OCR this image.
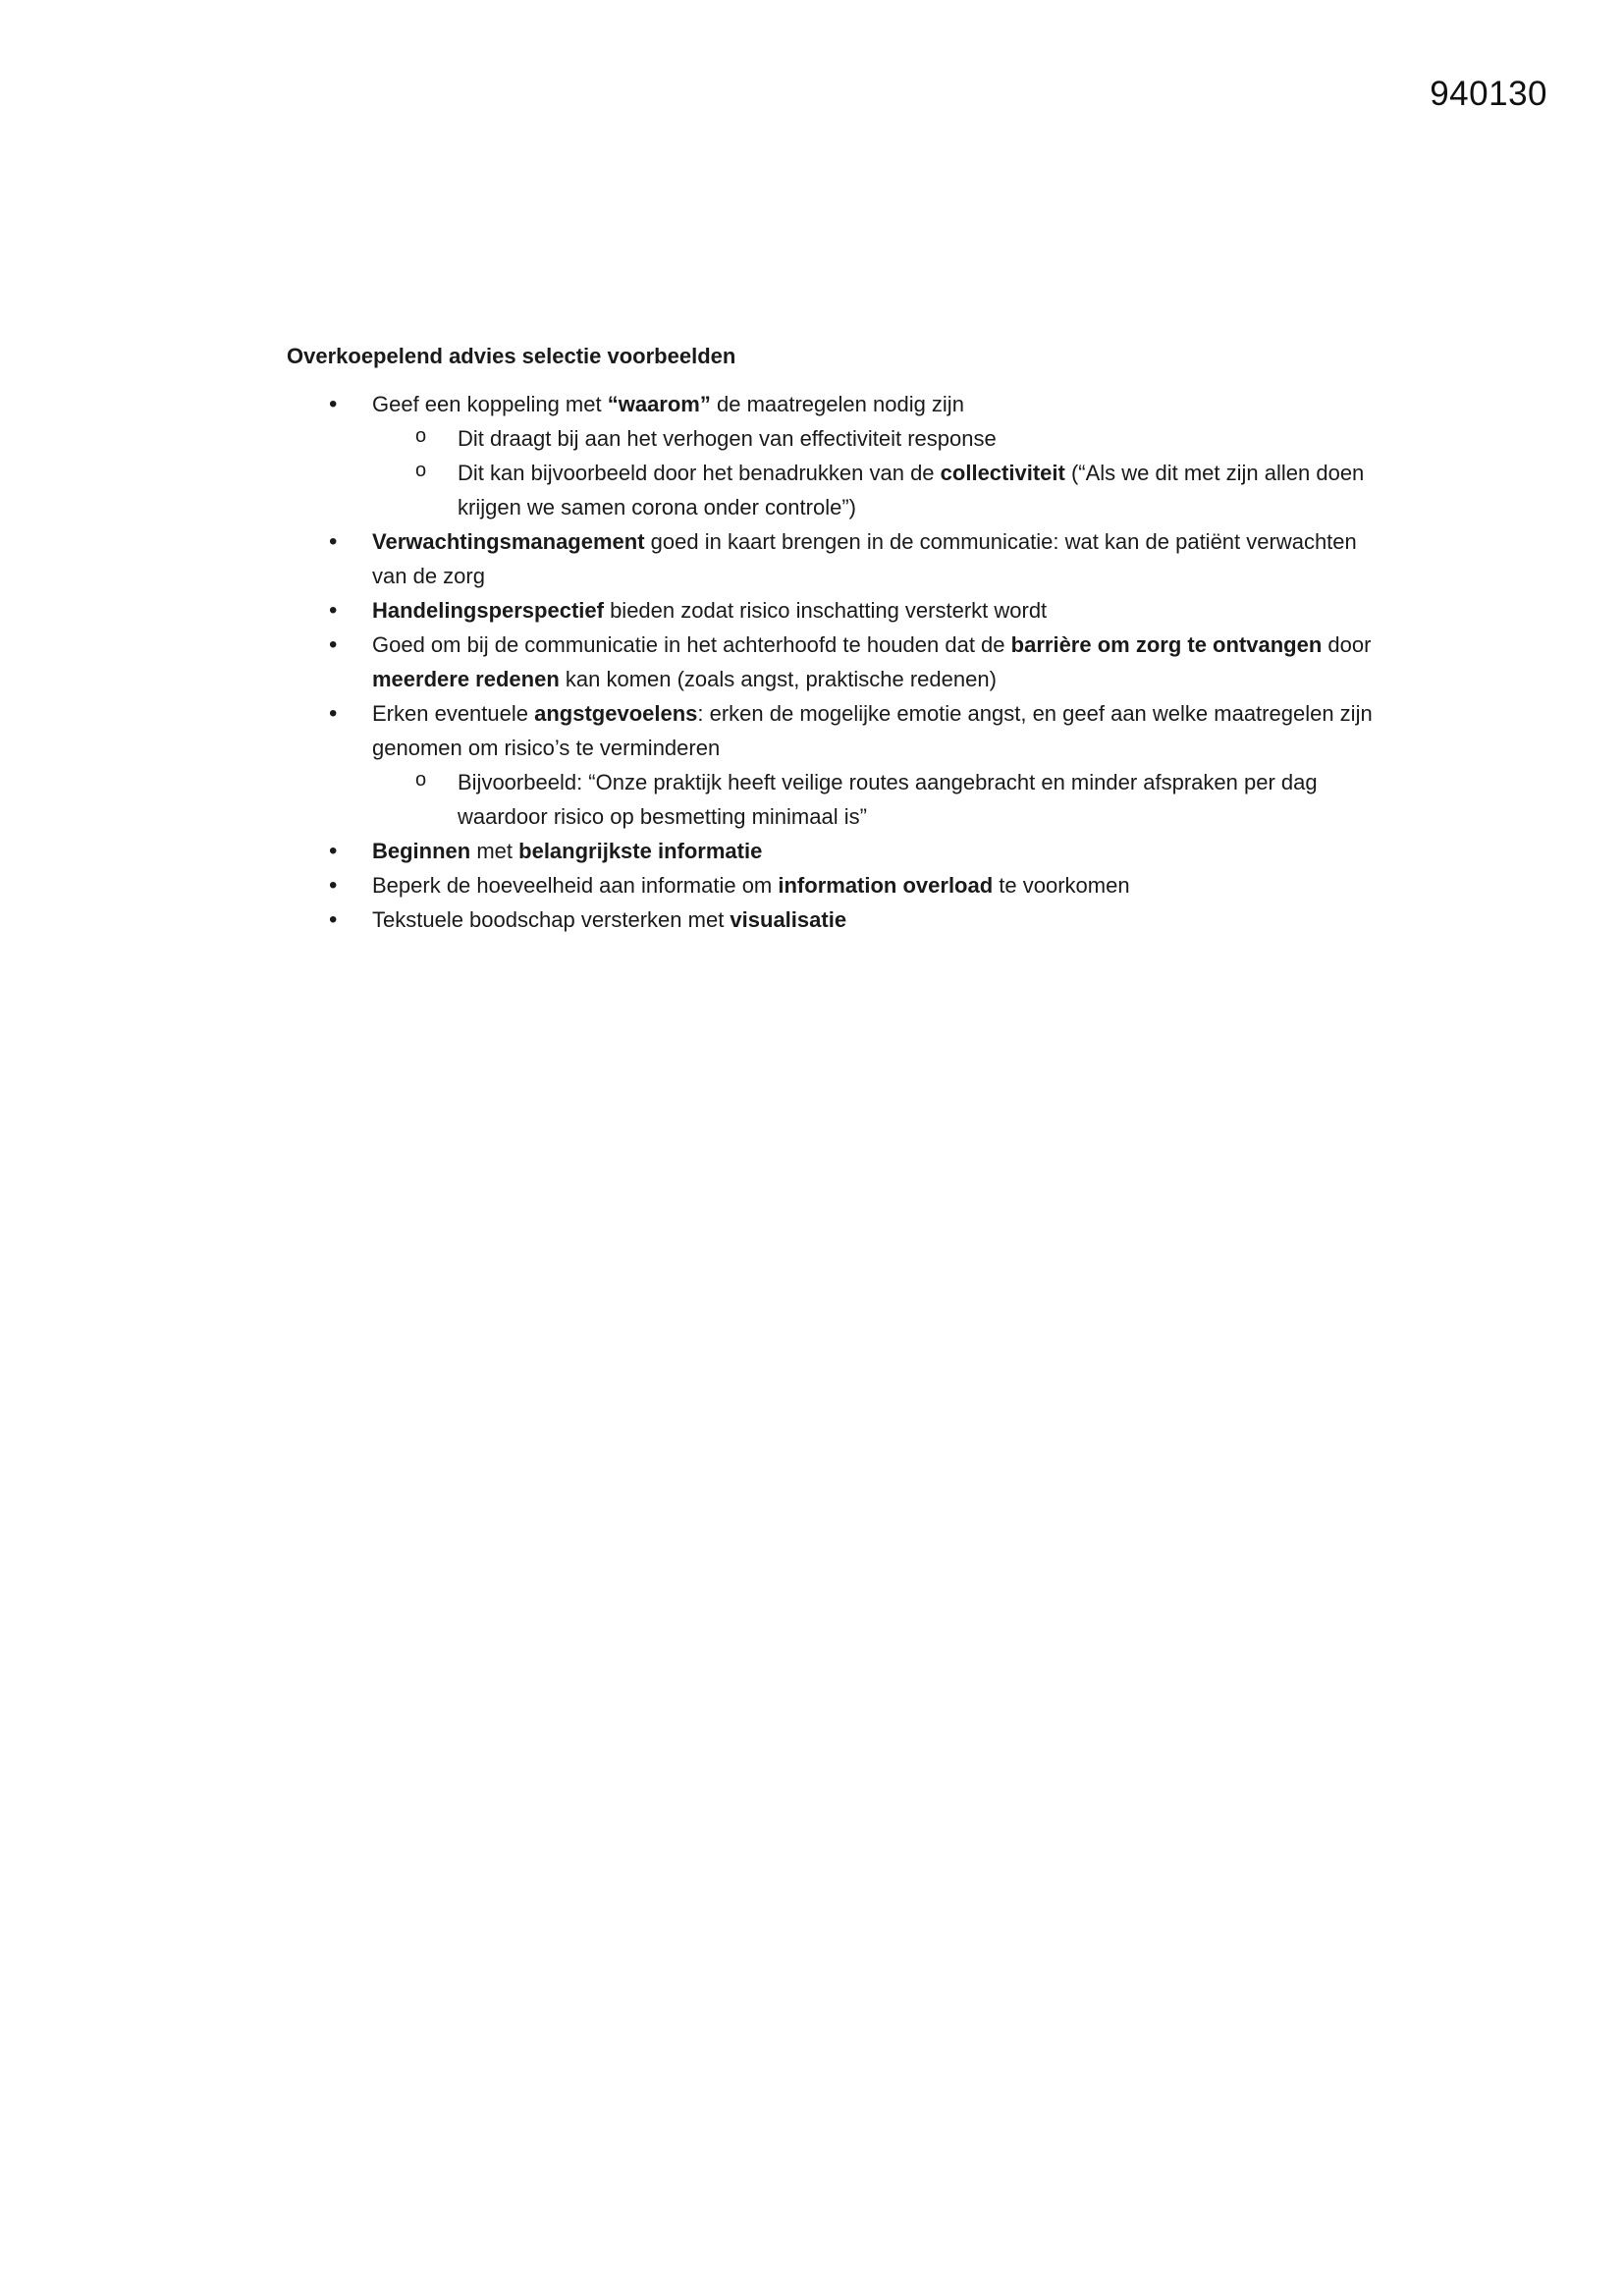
940130
Overkoepelend advies selectie voorbeelden
• Geef een koppeling met “waarom” de maatregelen nodig zijn
o Dit draagt bij aan het verhogen van effectiviteit response
o Dit kan bijvoorbeeld door het benadrukken van de collectiviteit (“Als we dit met zijn allen doen krijgen we samen corona onder controle”)
• Verwachtingsmanagement goed in kaart brengen in de communicatie: wat kan de patiënt verwachten van de zorg
• Handelingsperspectief bieden zodat risico inschatting versterkt wordt
• Goed om bij de communicatie in het achterhoofd te houden dat de barrière om zorg te ontvangen door meerdere redenen kan komen (zoals angst, praktische redenen)
• Erken eventuele angstgevoelens: erken de mogelijke emotie angst, en geef aan welke maatregelen zijn genomen om risico’s te verminderen
o Bijvoorbeeld: “Onze praktijk heeft veilige routes aangebracht en minder afspraken per dag waardoor risico op besmetting minimaal is”
• Beginnen met belangrijkste informatie
• Beperk de hoeveelheid aan informatie om information overload te voorkomen
• Tekstuele boodschap versterken met visualisatie
